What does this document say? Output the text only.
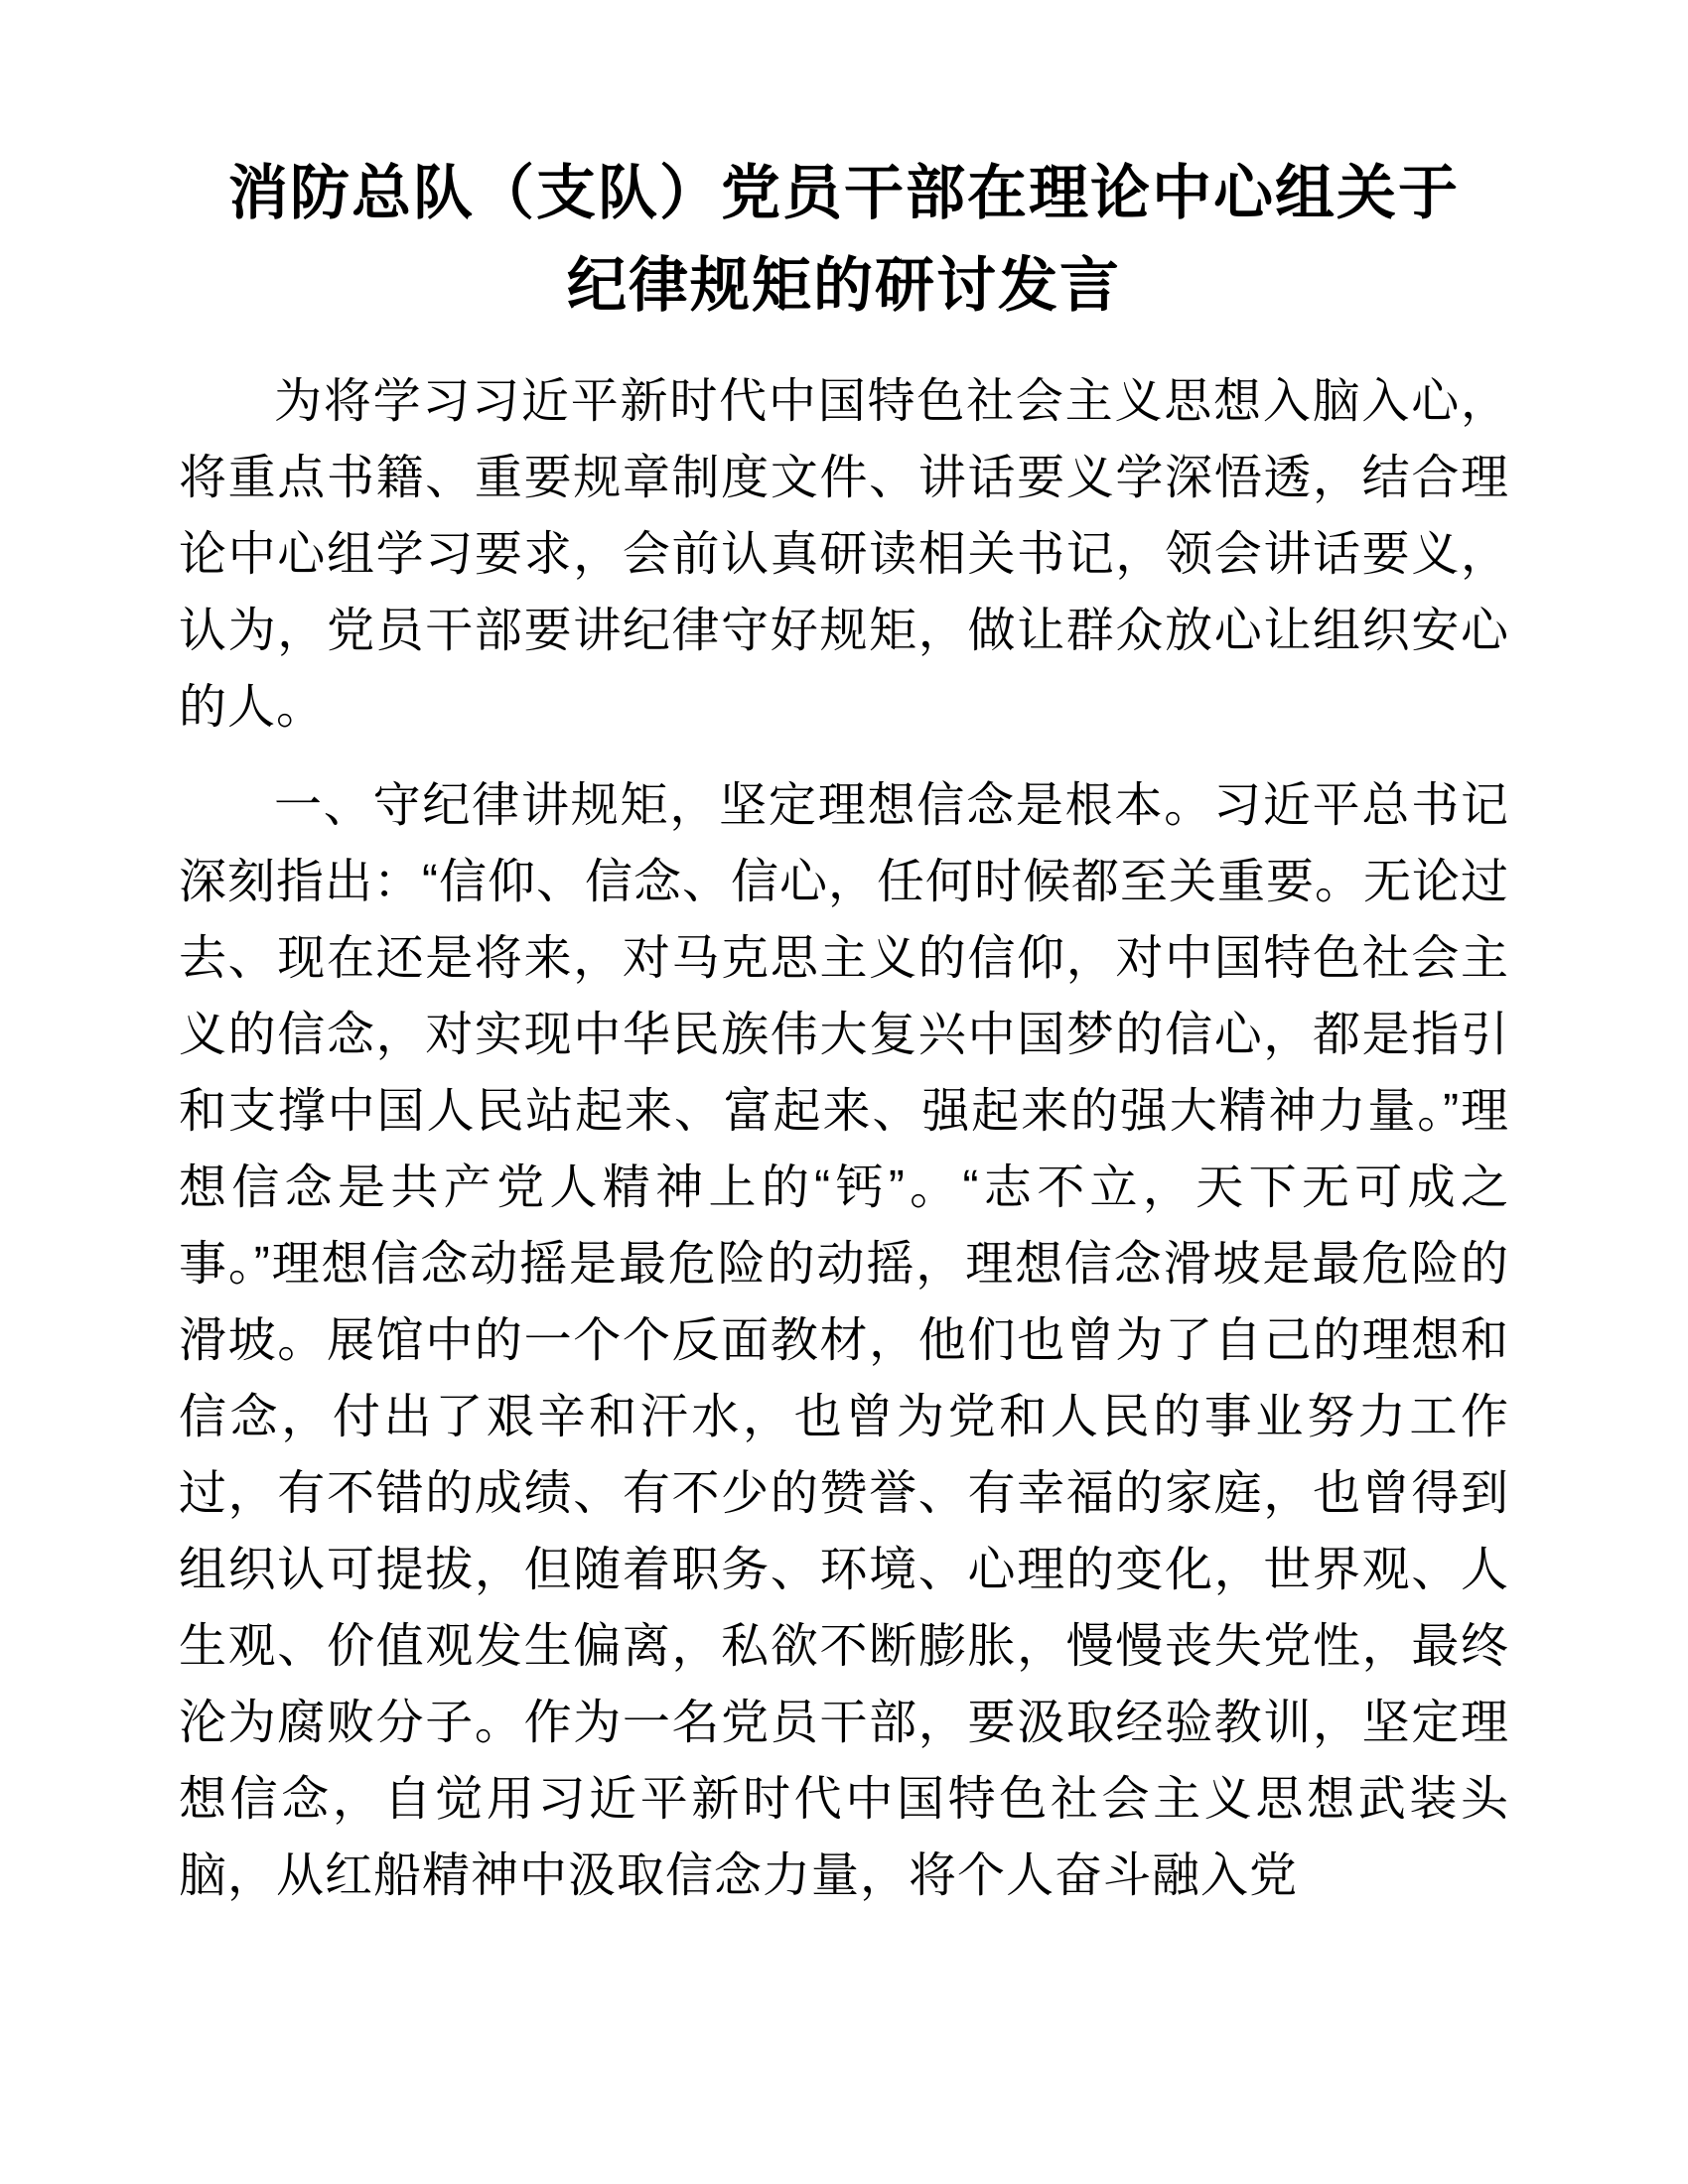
消防总队（支队）党员干部在理论中心组关于
纪律规矩的研讨发言

为将学习习近平新时代中国特色社会主义思想入脑入心，将重点书籍、重要规章制度文件、讲话要义学深悟透，结合理论中心组学习要求，会前认真研读相关书记，领会讲话要义，认为，党员干部要讲纪律守好规矩，做让群众放心让组织安心的人。

一、守纪律讲规矩，坚定理想信念是根本。习近平总书记深刻指出：“信仰、信念、信心，任何时候都至关重要。无论过去、现在还是将来，对马克思主义的信仰，对中国特色社会主义的信念，对实现中华民族伟大复兴中国梦的信心，都是指引和支撑中国人民站起来、富起来、强起来的强大精神力量。”理想信念是共产党人精神上的“钙”。“志不立，天下无可成之事。”理想信念动摇是最危险的动摇，理想信念滑坡是最危险的滑坡。展馆中的一个个反面教材，他们也曾为了自己的理想和信念，付出了艰辛和汗水，也曾为党和人民的事业努力工作过，有不错的成绩、有不少的赞誉、有幸福的家庭，也曾得到组织认可提拔，但随着职务、环境、心理的变化，世界观、人生观、价值观发生偏离，私欲不断膨胀，慢慢丧失党性，最终沦为腐败分子。作为一名党员干部，要汲取经验教训，坚定理想信念，自觉用习近平新时代中国特色社会主义思想武装头脑，从红船精神中汲取信念力量，将个人奋斗融入党
